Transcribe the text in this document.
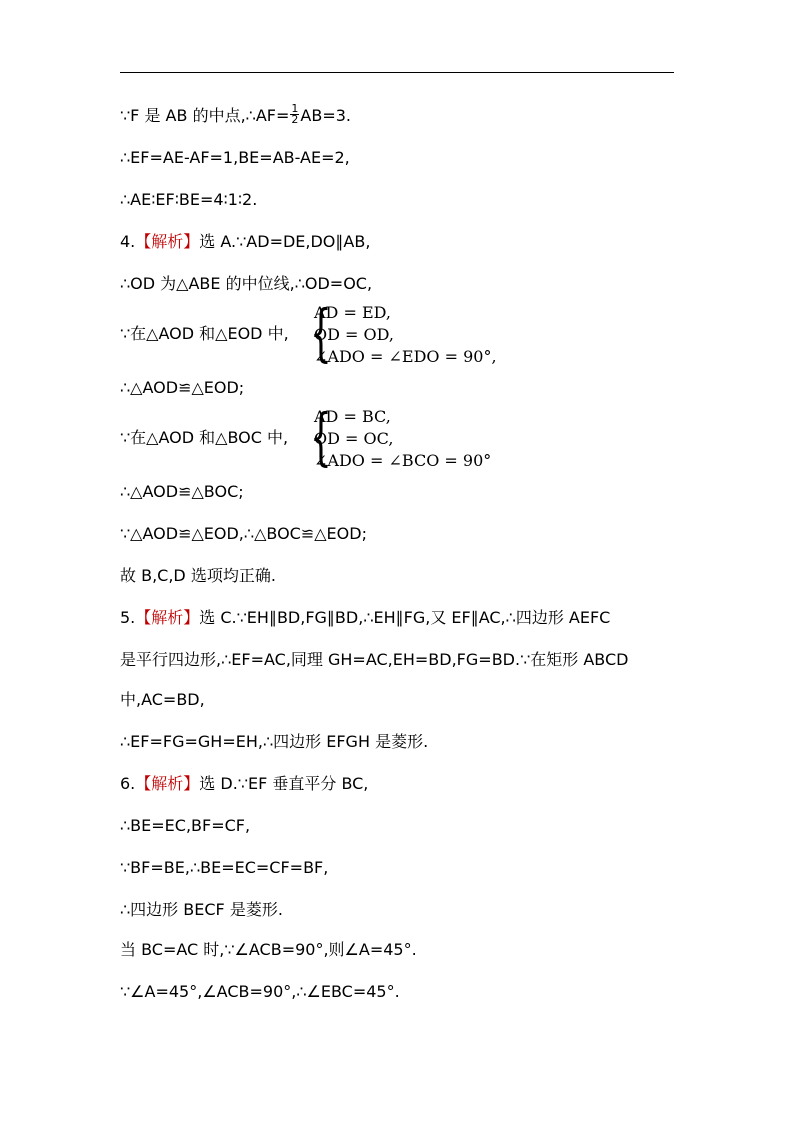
∵F 是 AB 的中点,∴AF= $\frac{1}{2} AB=3$.
∴EF=AE-AF=1,BE=AB-AE=2,
∴AE∶EF∶BE=4∶1∶2.
4.【解析】选 A.∵AD=DE,DO∥AB,
∴OD 为△ABE 的中位线,∴OD=OC,
∵在△AOD 和△EOD 中, {
AD = ED,
OD = OD,
∠ADO = ∠EDO = 90°,
∴△AOD≌△EOD;
∵在△AOD 和△BOC 中, {
AD = BC,
OD = OC,
∠ADO = ∠BCO = 90°
∴△AOD≌△BOC;
∵△AOD≌△EOD,∴△BOC≌△EOD;
故 B,C,D 选项均正确.
5.【解析】选 C.∵EH∥BD,FG∥BD,∴EH∥FG,又 EF∥AC,∴四边形 AEFC
是平行四边形,∴EF=AC,同理 GH=AC,EH=BD,FG=BD.∵在矩形 ABCD
中,AC=BD,
∴EF=FG=GH=EH,∴四边形 EFGH 是菱形.
6.【解析】选 D.∵EF 垂直平分 BC,
∴BE=EC,BF=CF,
∵BF=BE,∴BE=EC=CF=BF,
∴四边形 BECF 是菱形.
当 BC=AC 时,∵∠ACB=90°,则∠A=45°.
∵∠A=45°,∠ACB=90°,∴∠EBC=45°.
